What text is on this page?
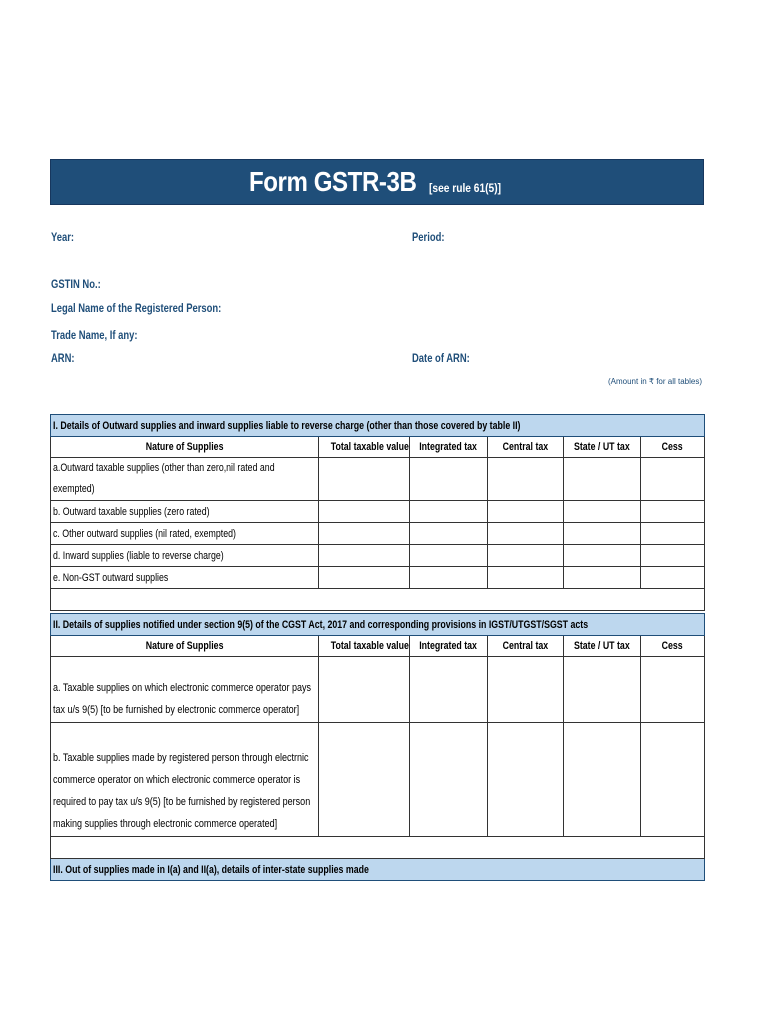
Form GSTR-3B [see rule 61(5)]
Year:	Period:
GSTIN No.:
Legal Name of the Registered Person:
Trade Name, If any:
ARN:	Date of ARN:
(Amount in ₹ for all tables)
I. Details of Outward supplies and inward supplies liable to reverse charge (other than those covered by table II)					
Nature of Supplies	Total taxable value	Integrated tax	Central tax	State / UT tax	Cess
a.Outward taxable supplies (other than zero,nil rated and
exempted)					
b. Outward taxable supplies (zero rated)					
c. Other outward supplies (nil rated, exempted)					
d. Inward supplies (liable to reverse charge)					
e. Non-GST outward supplies					

II. Details of supplies notified under section 9(5) of the CGST Act, 2017 and corresponding provisions in IGST/UTGST/SGST acts					
Nature of Supplies	Total taxable value	Integrated tax	Central tax	State / UT tax	Cess

a. Taxable supplies on which electronic commerce operator pays
tax u/s 9(5) [to be furnished by electronic commerce operator]					

b. Taxable supplies made by registered person through electrnic
commerce operator on which electronic commerce operator is
required to pay tax u/s 9(5) [to be furnished by registered person
making supplies through electronic commerce operated]					

III. Out of supplies made in I(a) and II(a), details of inter-state supplies made					
